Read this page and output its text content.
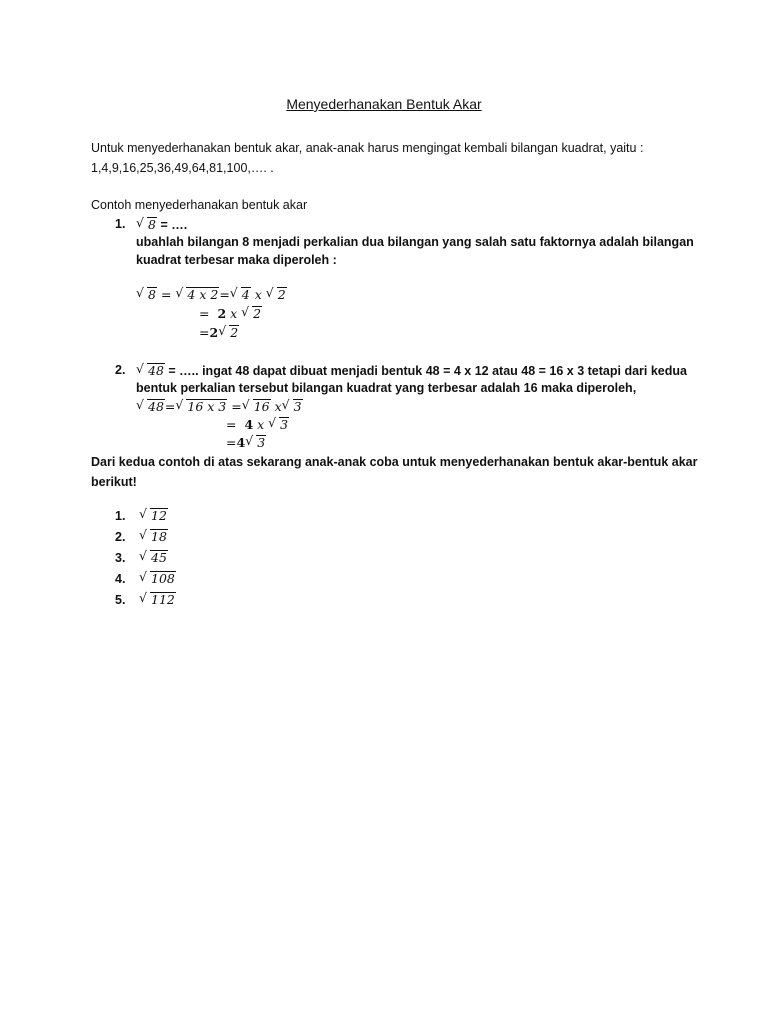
Menyederhanakan Bentuk Akar
Untuk menyederhanakan bentuk akar, anak-anak harus mengingat kembali bilangan kuadrat, yaitu :
1,4,9,16,25,36,49,64,81,100,…. .
Contoh menyederhanakan bentuk akar
1. √ 8 = ….
ubahlah bilangan 8 menjadi perkalian dua bilangan yang salah satu faktornya adalah bilangan
kuadrat terbesar maka diperoleh :
√ 8 = √ 4 x 2= √ 4 x √ 2
= 2 x √ 2
=2 √ 2
2. √ 48 = ….. ingat 48 dapat dibuat menjadi bentuk 48 = 4 x 12 atau 48 = 16 x 3 tetapi dari kedua
bentuk perkalian tersebut bilangan kuadrat yang terbesar adalah 16 maka diperoleh,
√ 48= √ 16 x 3 = √ 16 x √ 3
= 4 x √ 3
=4 √ 3
Dari kedua contoh di atas sekarang anak-anak coba untuk menyederhanakan bentuk akar-bentuk akar
berikut!
1. √ 12
2. √ 18
3. √ 45
4. √ 108
5. √ 112
